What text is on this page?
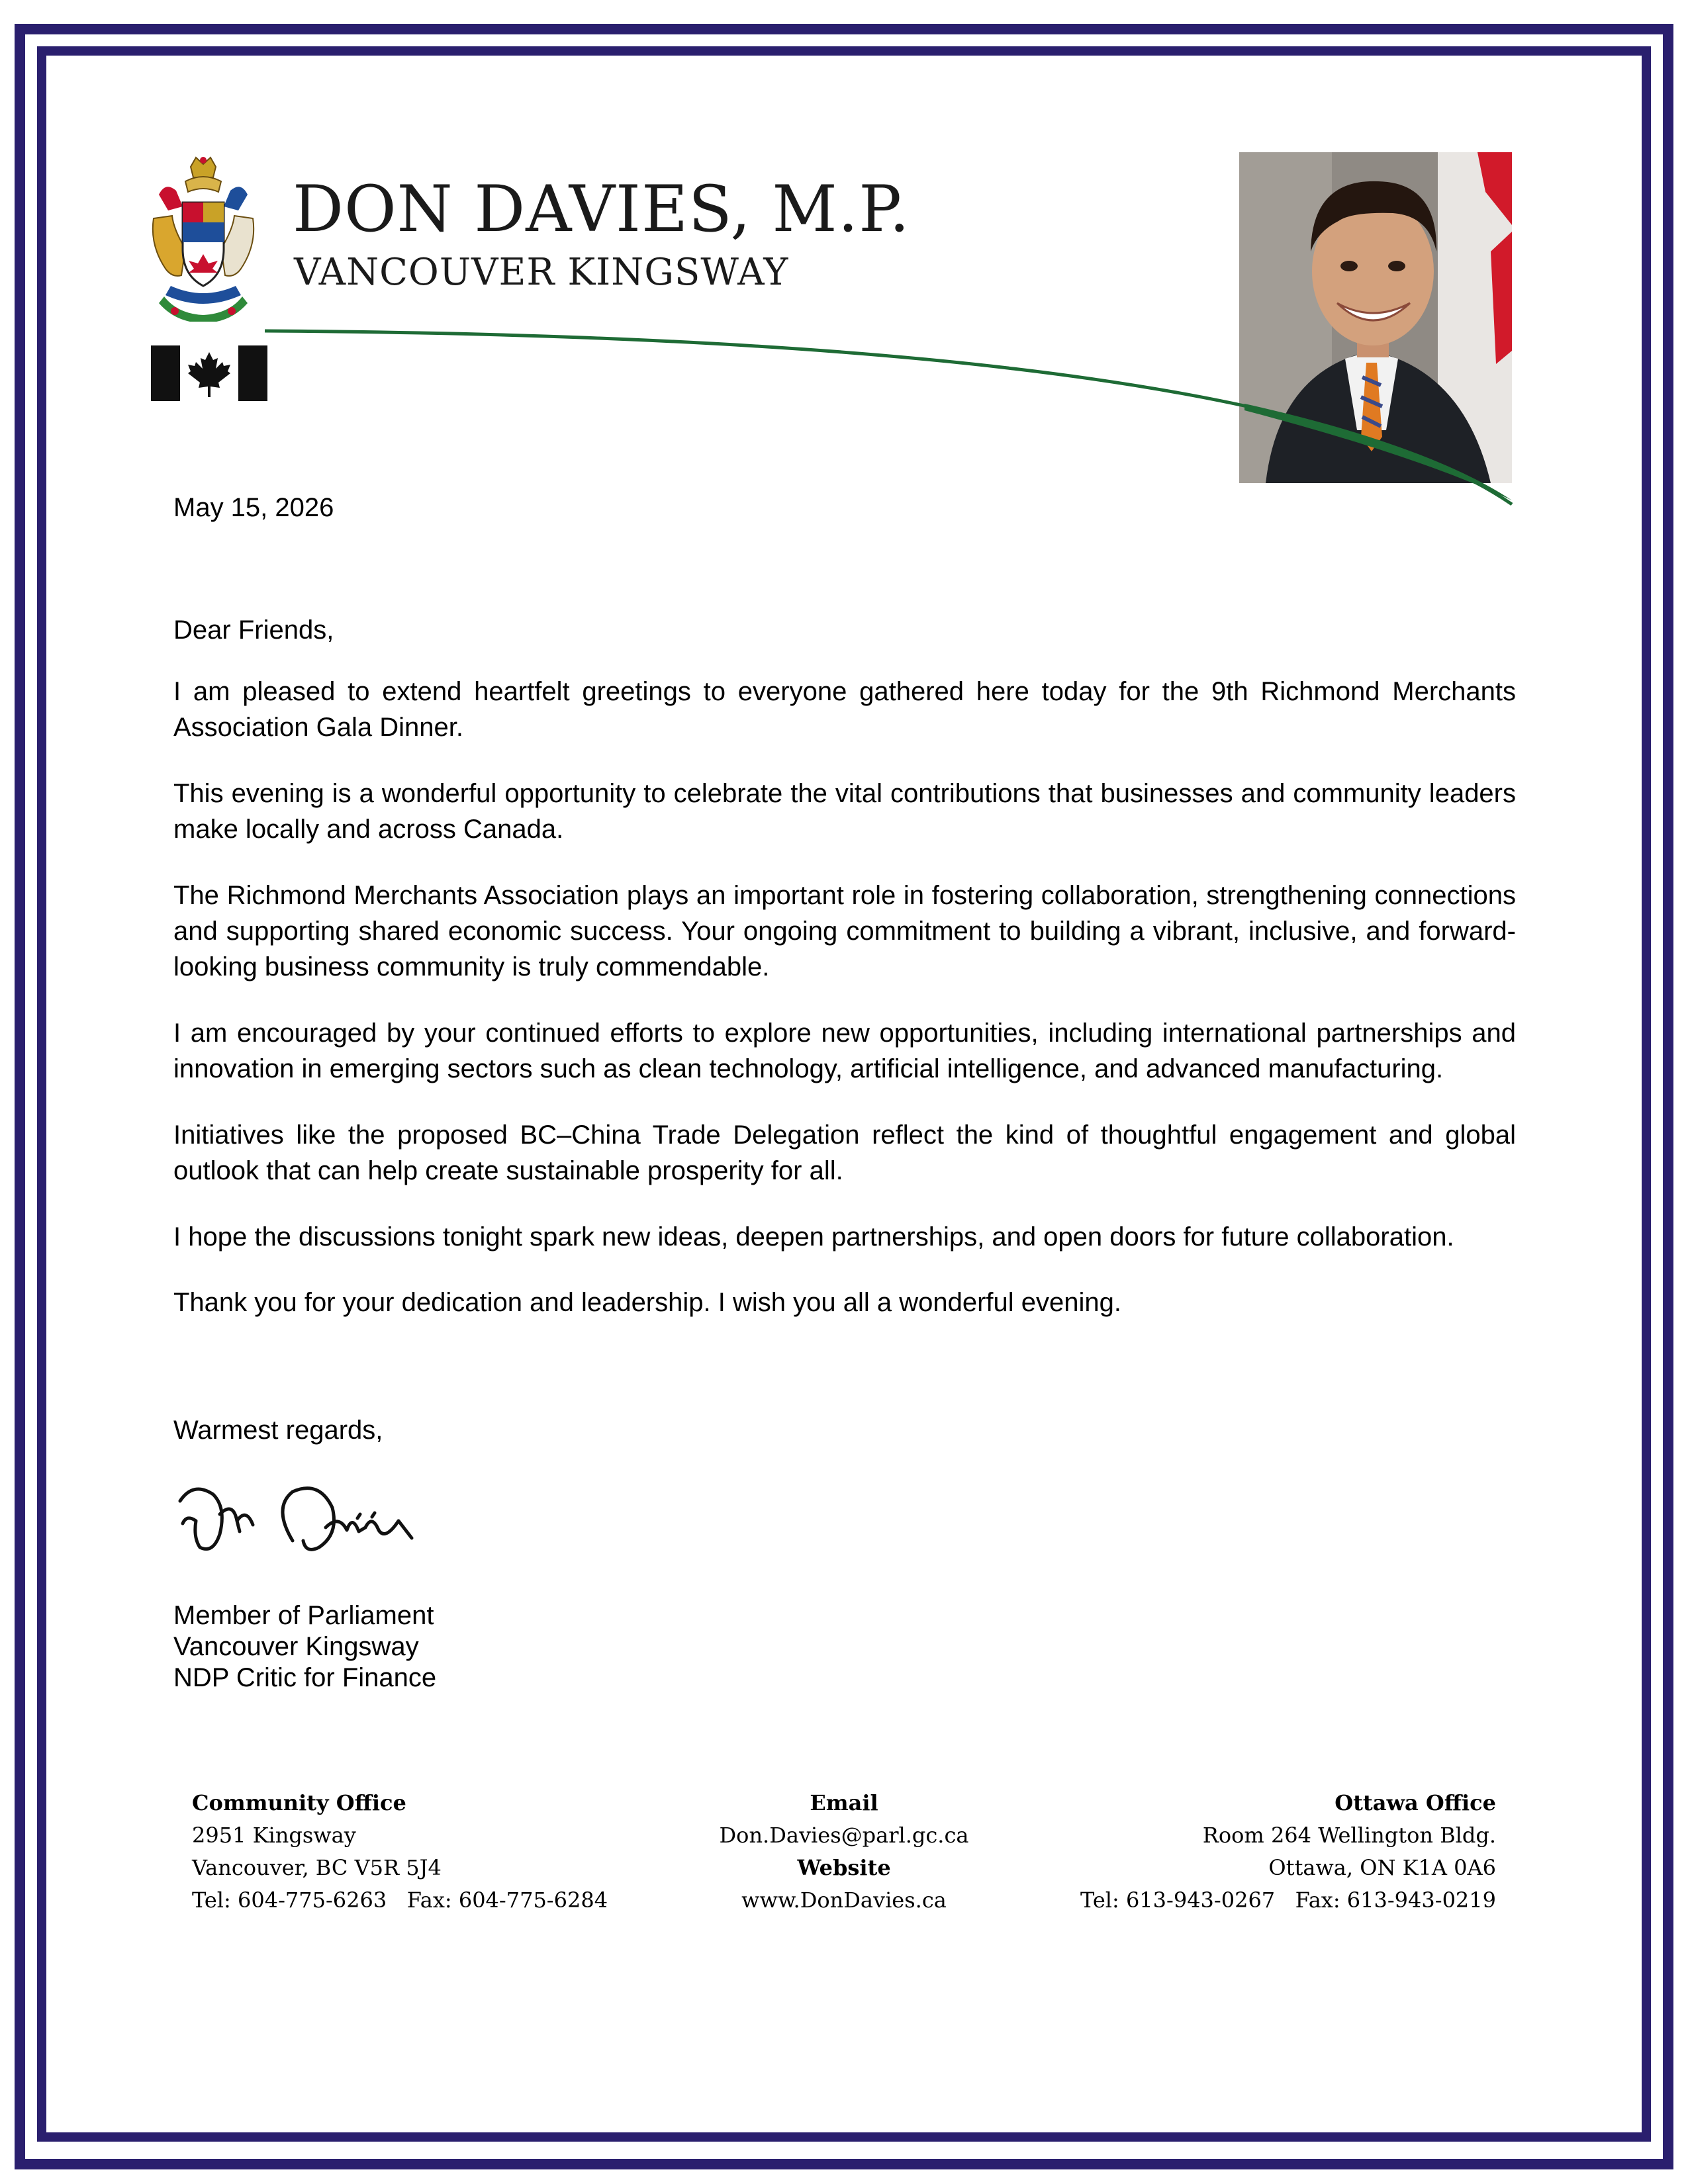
DON DAVIES, M.P.
VANCOUVER KINGSWAY
May 15, 2026
Dear Friends,

I am pleased to extend heartfelt greetings to everyone gathered here today for the 9th Richmond Merchants Association Gala Dinner.

This evening is a wonderful opportunity to celebrate the vital contributions that businesses and community leaders make locally and across Canada.

The Richmond Merchants Association plays an important role in fostering collaboration, strengthening connections and supporting shared economic success. Your ongoing commitment to building a vibrant, inclusive, and forward-looking business community is truly commendable.

I am encouraged by your continued efforts to explore new opportunities, including international partnerships and innovation in emerging sectors such as clean technology, artificial intelligence, and advanced manufacturing.

Initiatives like the proposed BC–China Trade Delegation reflect the kind of thoughtful engagement and global outlook that can help create sustainable prosperity for all.

I hope the discussions tonight spark new ideas, deepen partnerships, and open doors for future collaboration.

Thank you for your dedication and leadership. I wish you all a wonderful evening.

Warmest regards,
Member of Parliament
Vancouver Kingsway
NDP Critic for Finance
Community Office
2951 Kingsway
Vancouver, BC V5R 5J4
Tel: 604-775-6263   Fax: 604-775-6284
Email
Don.Davies@parl.gc.ca
Website
www.DonDavies.ca
Ottawa Office
Room 264 Wellington Bldg.
Ottawa, ON K1A 0A6
Tel: 613-943-0267   Fax: 613-943-0219
